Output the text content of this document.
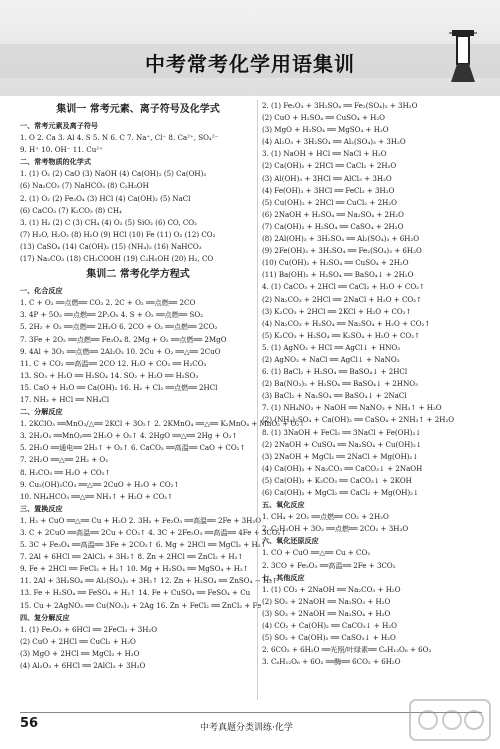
中考常考化学用语集训
集训一 常考元素、离子符号及化学式
一、常考元素及离子符号
1. O 2. Ca 3. Al 4. S 5. N 6. C 7. Na⁺, Cl⁻ 8. Ca²⁺, SO₄²⁻
9. H⁺ 10. OH⁻ 11. Cu²⁺
二、常考物质的化学式
1. (1) O₂ (2) CaO (3) NaOH (4) Ca(OH)₂ (5) Ca(OH)₂
(6) Na₂CO₃ (7) NaHCO₃ (8) C₂H₅OH
2. (1) O₂ (2) Fe₃O₄ (3) HCl (4) Ca(OH)₂ (5) NaCl
(6) CaCO₃ (7) K₂CO₃ (8) CH₄
3. (1) H₂ (2) C (3) CH₄ (4) O₂ (5) SiO₂ (6) CO, CO₂
(7) H₂O, H₂O₂ (8) H₂O (9) HCl (10) Fe (11) O₂ (12) CO₂
(13) CaSO₄ (14) Ca(OH)₂ (15) (NH₄)₂ (16) NaHCO₃
(17) Na₂CO₃ (18) CH₃COOH (19) C₂H₅OH (20) H₂, CO
集训二 常考化学方程式
一、化合反应
1. C + O₂ ══点燃══ CO₂ 2. 2C + O₂ ══点燃══ 2CO
3. 4P + 5O₂ ══点燃══ 2P₂O₅ 4. S + O₂ ══点燃══ SO₂
5. 2H₂ + O₂ ══点燃══ 2H₂O 6. 2CO + O₂ ══点燃══ 2CO₂
7. 3Fe + 2O₂ ══点燃══ Fe₃O₄ 8. 2Mg + O₂ ══点燃══ 2MgO
9. 4Al + 3O₂ ══点燃══ 2Al₂O₃ 10. 2Cu + O₂ ══△══ 2CuO
11. C + CO₂ ══高温══ 2CO 12. H₂O + CO₂ ══ H₂CO₃
13. SO₃ + H₂O ══ H₂SO₄ 14. SO₂ + H₂O ══ H₂SO₃
15. CaO + H₂O ══ Ca(OH)₂ 16. H₂ + Cl₂ ══点燃══ 2HCl
17. NH₃ + HCl ══ NH₄Cl
二、分解反应
1. 2KClO₃ ══MnO₂/△══ 2KCl + 3O₂↑ 2. 2KMnO₄ ══△══ K₂MnO₄ + MnO₂ + O₂↑
3. 2H₂O₂ ══MnO₂══ 2H₂O + O₂↑ 4. 2HgO ══△══ 2Hg + O₂↑
5. 2H₂O ══通电══ 2H₂↑ + O₂↑ 6. CaCO₃ ══高温══ CaO + CO₂↑
7. 2H₂O ══△══ 2H₂ + O₂
8. H₂CO₃ ══ H₂O + CO₂↑
9. Cu₂(OH)₂CO₃ ══△══ 2CuO + H₂O + CO₂↑
10. NH₄HCO₃ ══△══ NH₃↑ + H₂O + CO₂↑
三、置换反应
1. H₂ + CuO ══△══ Cu + H₂O 2. 3H₂ + Fe₂O₃ ══高温══ 2Fe + 3H₂O
3. C + 2CuO ══高温══ 2Cu + CO₂↑ 4. 3C + 2Fe₂O₃ ══高温══ 4Fe + 3CO₂↑
5. 3C + Fe₃O₄ ══高温══ 3Fe + 2CO₂↑ 6. Mg + 2HCl ══ MgCl₂ + H₂↑
7. 2Al + 6HCl ══ 2AlCl₃ + 3H₂↑ 8. Zn + 2HCl ══ ZnCl₂ + H₂↑
9. Fe + 2HCl ══ FeCl₂ + H₂↑ 10. Mg + H₂SO₄ ══ MgSO₄ + H₂↑
11. 2Al + 3H₂SO₄ ══ Al₂(SO₄)₃ + 3H₂↑ 12. Zn + H₂SO₄ ══ ZnSO₄ + H₂↑
13. Fe + H₂SO₄ ══ FeSO₄ + H₂↑ 14. Fe + CuSO₄ ══ FeSO₄ + Cu
15. Cu + 2AgNO₃ ══ Cu(NO₃)₂ + 2Ag 16. Zn + FeCl₂ ══ ZnCl₂ + Fe
四、复分解反应
1. (1) Fe₂O₃ + 6HCl ══ 2FeCl₃ + 3H₂O
(2) CuO + 2HCl ══ CuCl₂ + H₂O
(3) MgO + 2HCl ══ MgCl₂ + H₂O
(4) Al₂O₃ + 6HCl ══ 2AlCl₃ + 3H₂O
2. (1) Fe₂O₃ + 3H₂SO₄ ══ Fe₂(SO₄)₃ + 3H₂O
(2) CuO + H₂SO₄ ══ CuSO₄ + H₂O
(3) MgO + H₂SO₄ ══ MgSO₄ + H₂O
(4) Al₂O₃ + 3H₂SO₄ ══ Al₂(SO₄)₃ + 3H₂O
3. (1) NaOH + HCl ══ NaCl + H₂O
(2) Ca(OH)₂ + 2HCl ══ CaCl₂ + 2H₂O
(3) Al(OH)₃ + 3HCl ══ AlCl₃ + 3H₂O
(4) Fe(OH)₃ + 3HCl ══ FeCl₃ + 3H₂O
(5) Cu(OH)₂ + 2HCl ══ CuCl₂ + 2H₂O
(6) 2NaOH + H₂SO₄ ══ Na₂SO₄ + 2H₂O
(7) Ca(OH)₂ + H₂SO₄ ══ CaSO₄ + 2H₂O
(8) 2Al(OH)₃ + 3H₂SO₄ ══ Al₂(SO₄)₃ + 6H₂O
(9) 2Fe(OH)₃ + 3H₂SO₄ ══ Fe₂(SO₄)₃ + 6H₂O
(10) Cu(OH)₂ + H₂SO₄ ══ CuSO₄ + 2H₂O
(11) Ba(OH)₂ + H₂SO₄ ══ BaSO₄↓ + 2H₂O
4. (1) CaCO₃ + 2HCl ══ CaCl₂ + H₂O + CO₂↑
(2) Na₂CO₃ + 2HCl ══ 2NaCl + H₂O + CO₂↑
(3) K₂CO₃ + 2HCl ══ 2KCl + H₂O + CO₂↑
(4) Na₂CO₃ + H₂SO₄ ══ Na₂SO₄ + H₂O + CO₂↑
(5) K₂CO₃ + H₂SO₄ ══ K₂SO₄ + H₂O + CO₂↑
5. (1) AgNO₃ + HCl ══ AgCl↓ + HNO₃
(2) AgNO₃ + NaCl ══ AgCl↓ + NaNO₃
6. (1) BaCl₂ + H₂SO₄ ══ BaSO₄↓ + 2HCl
(2) Ba(NO₃)₂ + H₂SO₄ ══ BaSO₄↓ + 2HNO₃
(3) BaCl₂ + Na₂SO₄ ══ BaSO₄↓ + 2NaCl
7. (1) NH₄NO₃ + NaOH ══ NaNO₃ + NH₃↑ + H₂O
(2) (NH₄)₂SO₄ + Ca(OH)₂ ══ CaSO₄ + 2NH₃↑ + 2H₂O
8. (1) 3NaOH + FeCl₃ ══ 3NaCl + Fe(OH)₃↓
(2) 2NaOH + CuSO₄ ══ Na₂SO₄ + Cu(OH)₂↓
(3) 2NaOH + MgCl₂ ══ 2NaCl + Mg(OH)₂↓
(4) Ca(OH)₂ + Na₂CO₃ ══ CaCO₃↓ + 2NaOH
(5) Ca(OH)₂ + K₂CO₃ ══ CaCO₃↓ + 2KOH
(6) Ca(OH)₂ + MgCl₂ ══ CaCl₂ + Mg(OH)₂↓
五、氧化反应
1. CH₄ + 2O₂ ══点燃══ CO₂ + 2H₂O
2. C₂H₅OH + 3O₂ ══点燃══ 2CO₂ + 3H₂O
六、氧化还原反应
1. CO + CuO ══△══ Cu + CO₂
2. 3CO + Fe₂O₃ ══高温══ 2Fe + 3CO₂
七、其他反应
1. (1) CO₂ + 2NaOH ══ Na₂CO₃ + H₂O
(2) SO₂ + 2NaOH ══ Na₂SO₃ + H₂O
(3) SO₃ + 2NaOH ══ Na₂SO₄ + H₂O
(4) CO₂ + Ca(OH)₂ ══ CaCO₃↓ + H₂O
(5) SO₂ + Ca(OH)₂ ══ CaSO₃↓ + H₂O
2. 6CO₂ + 6H₂O ══光照/叶绿素══ C₆H₁₂O₆ + 6O₂
3. C₆H₁₂O₆ + 6O₂ ══酶══ 6CO₂ + 6H₂O
56	中考真题分类训练·化学
